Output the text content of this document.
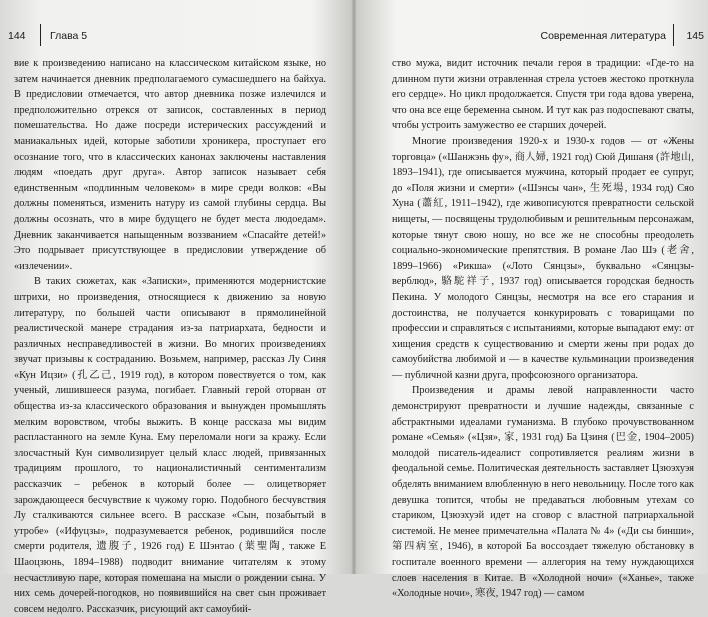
144 Глава 5

вие к произведению написано на классическом китайском языке, но затем начинается дневник предполагаемого сумасшедшего на байхуа. В предисловии отмечается, что автор дневника позже излечился и предположительно отрекся от записок, составленных в период помешательства. Но даже посреди истерических рассуждений и маниакальных идей, которые заботили хроникера, проступает его осознание того, что в классических канонах заключены наставления людям «поедать друг друга». Автор записок называет себя единственным «подлинным человеком» в мире среди волков: «Вы должны поменяться, изменить натуру из самой глубины сердца. Вы должны осознать, что в мире будущего не будет места людоедам». Дневник заканчивается напыщенным воззванием «Спасайте детей!» Это подрывает присутствующее в предисловии утверждение об «излечении».

В таких сюжетах, как «Записки», применяются модернистские штрихи, но произведения, относящиеся к движению за новую литературу, по большей части описывают в прямолинейной реалистической манере страдания из-за патриархата, бедности и различных несправедливостей в жизни. Во многих произведениях звучат призывы к состраданию. Возьмем, например, рассказ Лу Синя «Кун Ицзи» (孔乙己, 1919 год), в котором повествуется о том, как ученый, лишившееся разума, погибает. Главный герой оторван от общества из-за классического образования и вынужден промышлять мелким воровством, чтобы выжить. В конце рассказа мы видим распластанного на земле Куна. Ему переломали ноги за кражу. Если злосчастный Кун символизирует целый класс людей, привязанных традициям прошлого, то националистичный сентиментализм рассказчик – ребенок в который более — олицетворяет зарождающееся бесчувствие к чужому горю. Подобного бесчувствия Лу сталкиваются сильнее всего. В рассказе «Сын, позабытый в утробе» («Ифуцзы», подразумевается ребенок, родившийся после смерти родителя, 遗腹子, 1926 год) Е Шэнтао (葉聖陶, также Е Шаоцзюнь, 1894–1988) подводит внимание читателям к этому несчастливую паре, которая помешана на мысли о рождении сына. У них семь дочерей-погодков, но появившийся на свет сын проживает совсем недолго. Рассказчик, рисующий акт самоубий-

Современная литература 145

ство мужа, видит источник печали героя в традиции: «Где-то на длинном пути жизни отравленная стрела устоев жестоко проткнула его сердце». Но цикл продолжается. Спустя три года вдова уверена, что она все еще беременна сыном. И тут как раз подоспевают сваты, чтобы устроить замужество ее старших дочерей.

Многие произведения 1920-х и 1930-х годов — от «Жены торговца» («Шанжэнь фу», 商人婦, 1921 год) Сюй Дишаня (許地山, 1893–1941), где описывается мужчина, который продает ее супруг, до «Поля жизни и смерти» («Шэнсы чан», 生死場, 1934 год) Сяо Хуна (蕭紅, 1911–1942), где живописуются превратности сельской нищеты, — посвящены трудолюбивым и решительным персонажам, которые тянут свою ношу, но все же не способны преодолеть социально-экономические препятствия. В романе Лао Шэ (老舍, 1899–1966) «Рикша» («Лото Сянцзы», буквально «Сянцзы-верблюд», 駱駝祥子, 1937 год) описывается городская бедность Пекина. У молодого Сянцзы, несмотря на все его старания и достоинства, не получается конкурировать с товарищами по профессии и справляться с испытаниями, которые выпадают ему: от хищения средств к существованию и смерти жены при родах до самоубийства любимой и — в качестве кульминации произведения — публичной казни друга, профсоюзного организатора.

Произведения и драмы левой направленности часто демонстрируют превратности и лучшие надежды, связанные с абстрактными идеалами гуманизма. В глубоко прочувствованном романе «Семья» («Цзя», 家, 1931 год) Ба Цзиня (巴金, 1904–2005) молодой писатель-идеалист сопротивляется реалиям жизни в феодальной семье. Политическая деятельность заставляет Цзюэхуэя обделять вниманием влюбленную в него невольницу. После того как девушка топится, чтобы не предаваться любовным утехам со стариком, Цзюэхуэй идет на сговор с властной патриархальной системой. Не менее примечательна «Палата № 4» («Ди сы бинши», 第四病室, 1946), в которой Ба воссоздает тяжелую обстановку в госпитале военного времени — аллегория на тему нуждающихся слоев населения в Китае. В «Холодной ночи» («Ханье», также «Холодные ночи», 寒夜, 1947 год) — самом
